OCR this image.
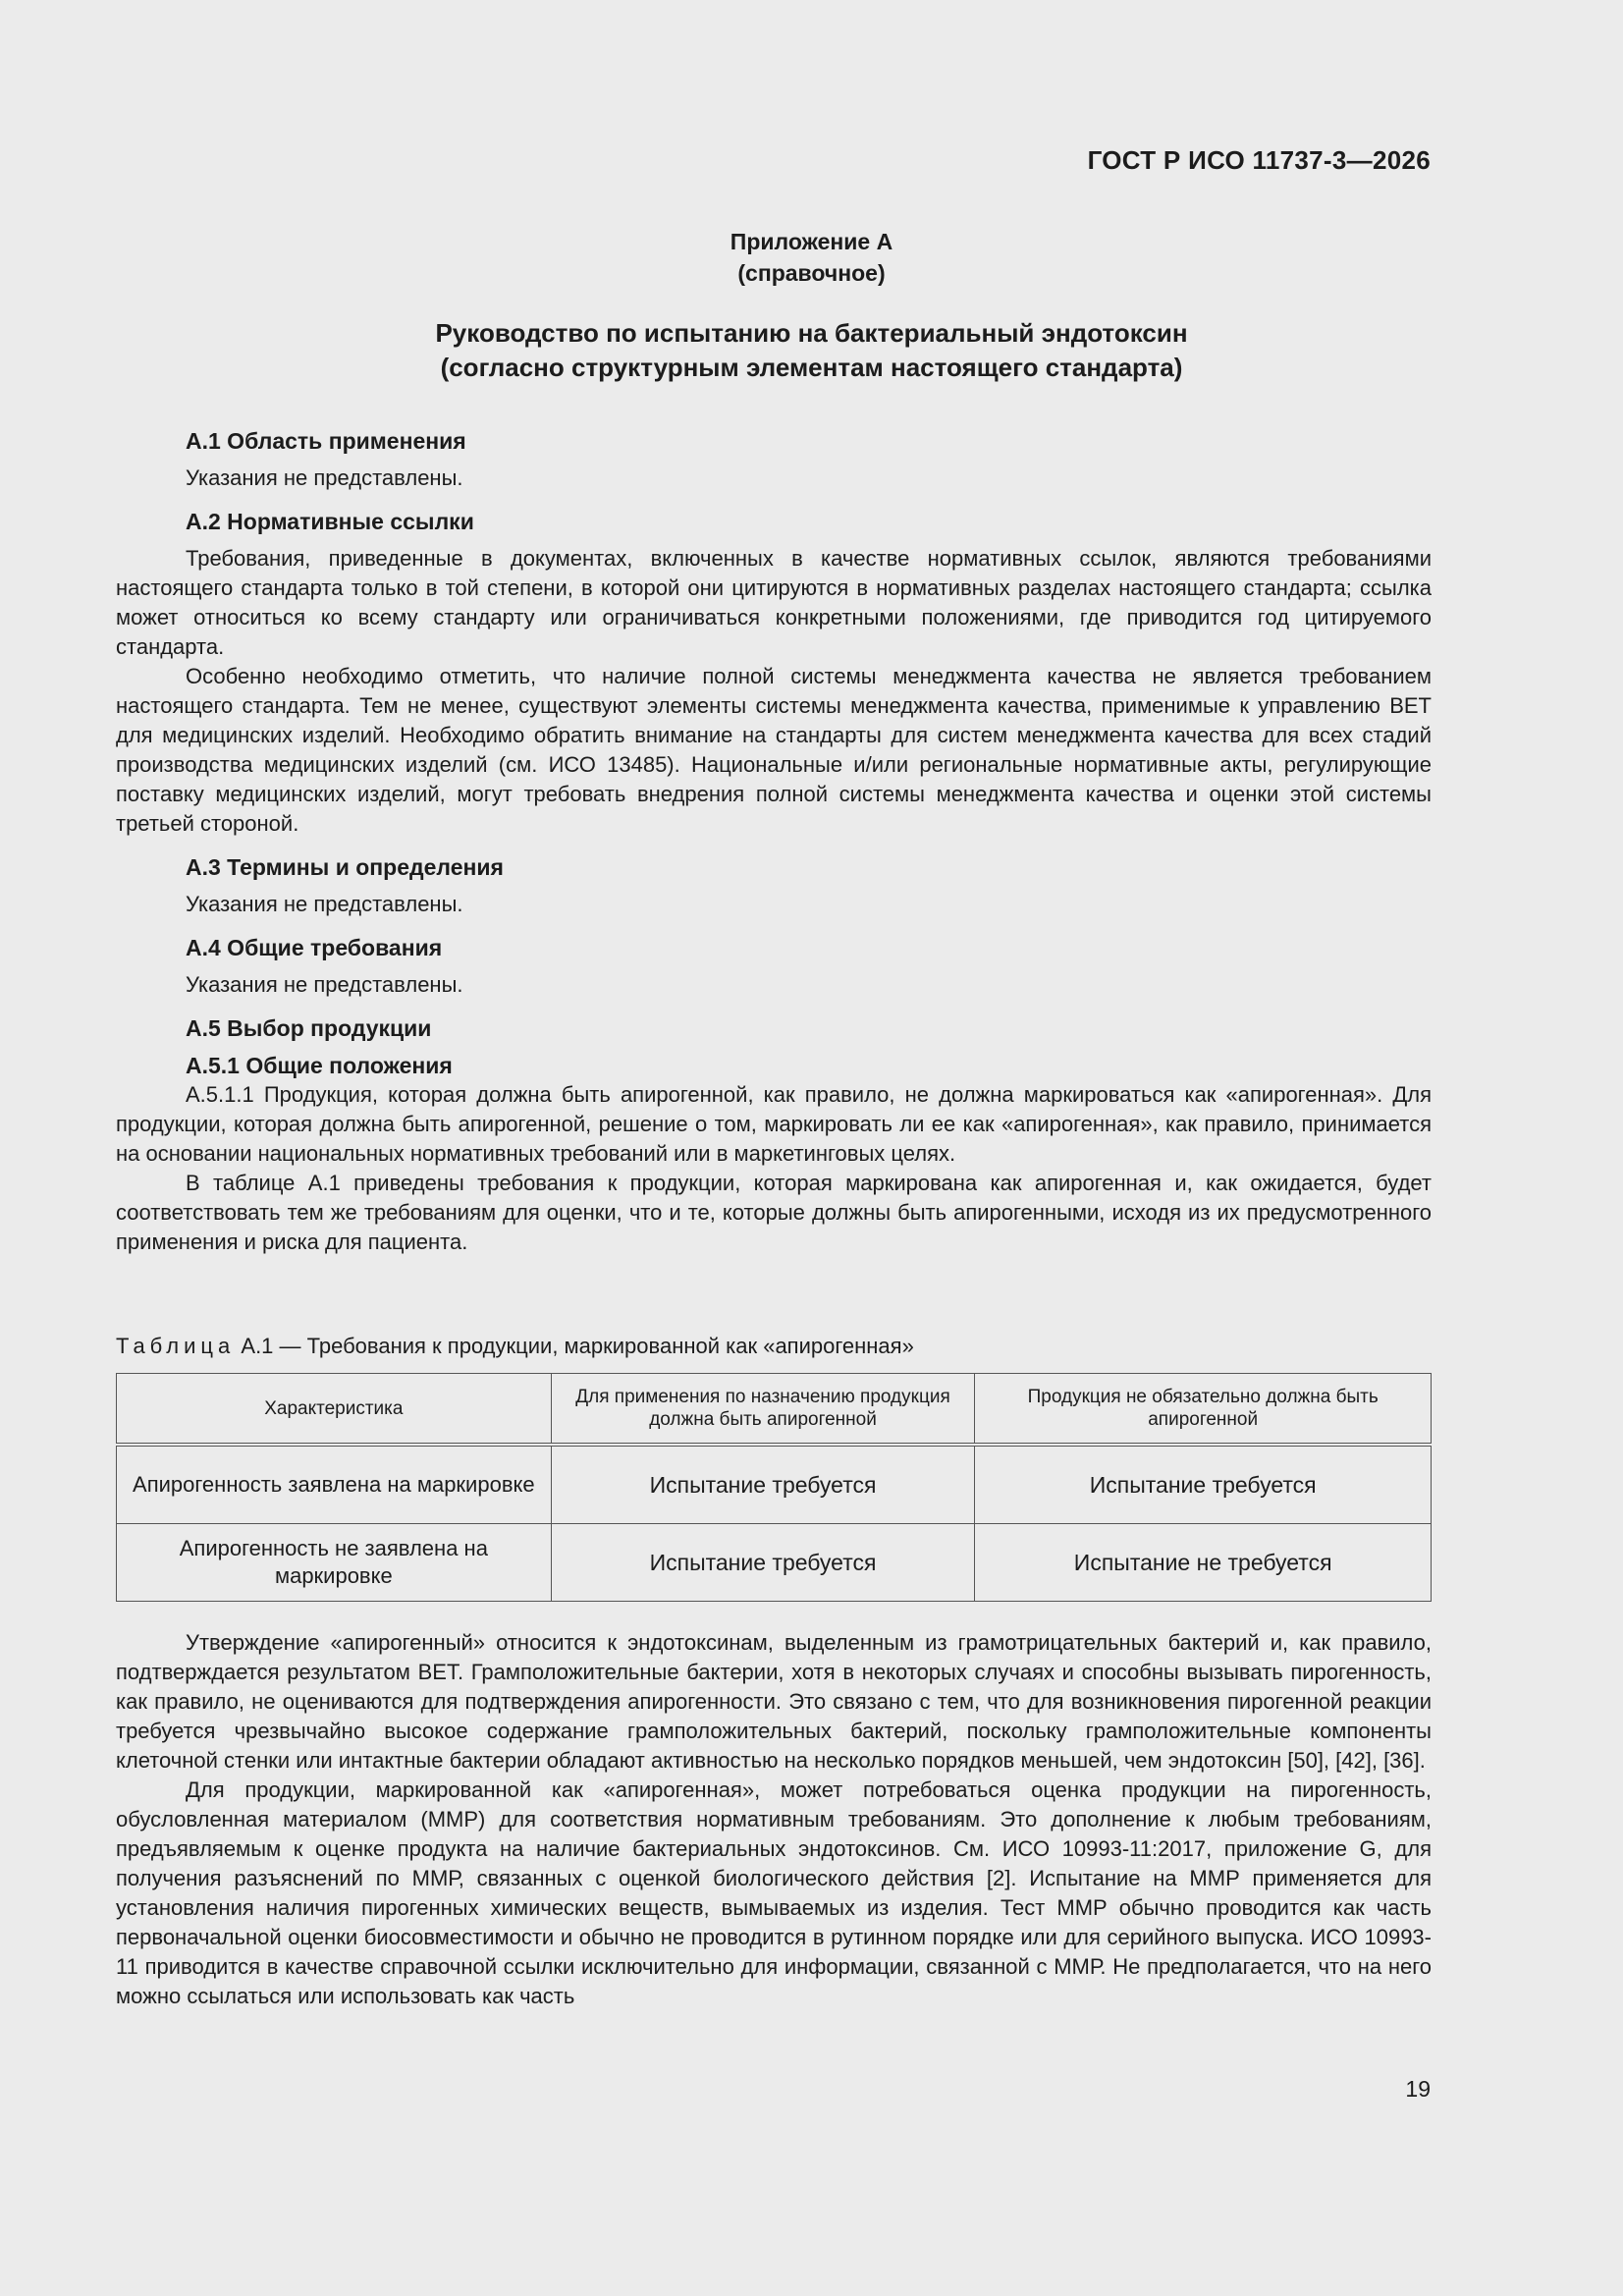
ГОСТ Р ИСО 11737-3—2026
Приложение А
(справочное)
Руководство по испытанию на бактериальный эндотоксин
(согласно структурным элементам настоящего стандарта)
А.1 Область применения

Указания не представлены.

А.2 Нормативные ссылки

Требования, приведенные в документах, включенных в качестве нормативных ссылок, являются требованиями настоящего стандарта только в той степени, в которой они цитируются в нормативных разделах настоящего стандарта; ссылка может относиться ко всему стандарту или ограничиваться конкретными положениями, где приводится год цитируемого стандарта.

Особенно необходимо отметить, что наличие полной системы менеджмента качества не является требованием настоящего стандарта. Тем не менее, существуют элементы системы менеджмента качества, применимые к управлению ВЕТ для медицинских изделий. Необходимо обратить внимание на стандарты для систем менеджмента качества для всех стадий производства медицинских изделий (см. ИСО 13485). Национальные и/или региональные нормативные акты, регулирующие поставку медицинских изделий, могут требовать внедрения полной системы менеджмента качества и оценки этой системы третьей стороной.

А.3 Термины и определения

Указания не представлены.

А.4 Общие требования

Указания не представлены.

А.5 Выбор продукции
А.5.1 Общие положения

А.5.1.1 Продукция, которая должна быть апирогенной, как правило, не должна маркироваться как «апирогенная». Для продукции, которая должна быть апирогенной, решение о том, маркировать ли ее как «апирогенная», как правило, принимается на основании национальных нормативных требований или в маркетинговых целях.

В таблице А.1 приведены требования к продукции, которая маркирована как апирогенная и, как ожидается, будет соответствовать тем же требованиям для оценки, что и те, которые должны быть апирогенными, исходя из их предусмотренного применения и риска для пациента.

Таблица А.1 — Требования к продукции, маркированной как «апирогенная»
Характеристика	Для применения по назначению продукция должна быть апирогенной	Продукция не обязательно должна быть апирогенной
Апирогенность заявлена на маркировке	Испытание требуется	Испытание требуется
Апирогенность не заявлена на маркировке	Испытание требуется	Испытание не требуется

Утверждение «апирогенный» относится к эндотоксинам, выделенным из грамотрицательных бактерий и, как правило, подтверждается результатом ВЕТ. Грамположительные бактерии, хотя в некоторых случаях и способны вызывать пирогенность, как правило, не оцениваются для подтверждения апирогенности. Это связано с тем, что для возникновения пирогенной реакции требуется чрезвычайно высокое содержание грамположительных бактерий, поскольку грамположительные компоненты клеточной стенки или интактные бактерии обладают активностью на несколько порядков меньшей, чем эндотоксин [50], [42], [36].

Для продукции, маркированной как «апирогенная», может потребоваться оценка продукции на пирогенность, обусловленная материалом (ММР) для соответствия нормативным требованиям. Это дополнение к любым требованиям, предъявляемым к оценке продукта на наличие бактериальных эндотоксинов. См. ИСО 10993-11:2017, приложение G, для получения разъяснений по ММР, связанных с оценкой биологического действия [2]. Испытание на ММР применяется для установления наличия пирогенных химических веществ, вымываемых из изделия. Тест ММР обычно проводится как часть первоначальной оценки биосовместимости и обычно не проводится в рутинном порядке или для серийного выпуска. ИСО 10993-11 приводится в качестве справочной ссылки исключительно для информации, связанной с ММР. Не предполагается, что на него можно ссылаться или использовать как часть

19
